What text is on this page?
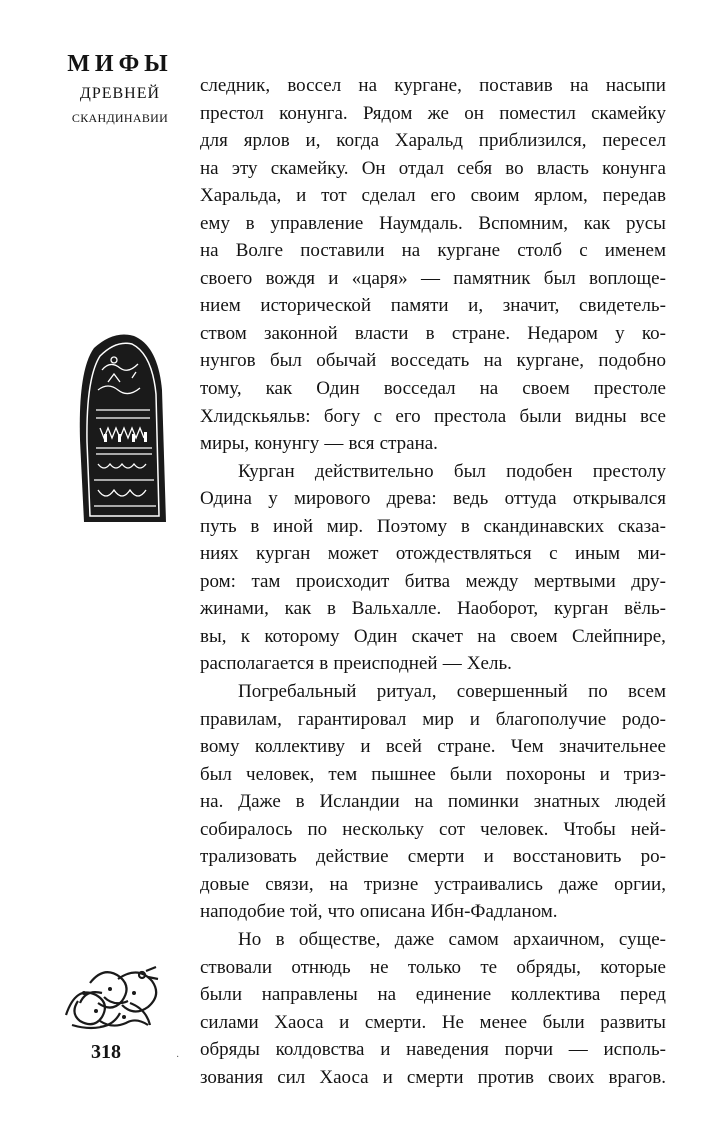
МИФЫ
ДРЕВНЕЙ
СКАНДИНАВИИ
следник, воссел на кургане, поставив на насыпи
престол конунга. Рядом же он поместил скамейку
для ярлов и, когда Харальд приблизился, пересел
на эту скамейку. Он отдал себя во власть конунга
Харальда, и тот сделал его своим ярлом, передав
ему в управление Наумдаль. Вспомним, как русы
на Волге поставили на кургане столб с именем
своего вождя и «царя» — памятник был воплоще-
нием исторической памяти и, значит, свидетель-
ством законной власти в стране. Недаром у ко-
нунгов был обычай восседать на кургане, подобно
тому, как Один восседал на своем престоле
Хлидскьяльв: богу с его престола были видны все
миры, конунгу — вся страна.
Курган действительно был подобен престолу
Одина у мирового древа: ведь оттуда открывался
путь в иной мир. Поэтому в скандинавских сказа-
ниях курган может отождествляться с иным ми-
ром: там происходит битва между мертвыми дру-
жинами, как в Вальхалле. Наоборот, курган вёль-
вы, к которому Один скачет на своем Слейпнире,
располагается в преисподней — Хель.
Погребальный ритуал, совершенный по всем
правилам, гарантировал мир и благополучие родо-
вому коллективу и всей стране. Чем значительнее
был человек, тем пышнее были похороны и триз-
на. Даже в Исландии на поминки знатных людей
собиралось по нескольку сот человек. Чтобы ней-
трализовать действие смерти и восстановить ро-
довые связи, на тризне устраивались даже оргии,
наподобие той, что описана Ибн-Фадланом.
Но в обществе, даже самом архаичном, суще-
ствовали отнюдь не только те обряды, которые
были направлены на единение коллектива перед
силами Хаоса и смерти. Не менее были развиты
обряды колдовства и наведения порчи — исполь-
зования сил Хаоса и смерти против своих врагов.
318	·
